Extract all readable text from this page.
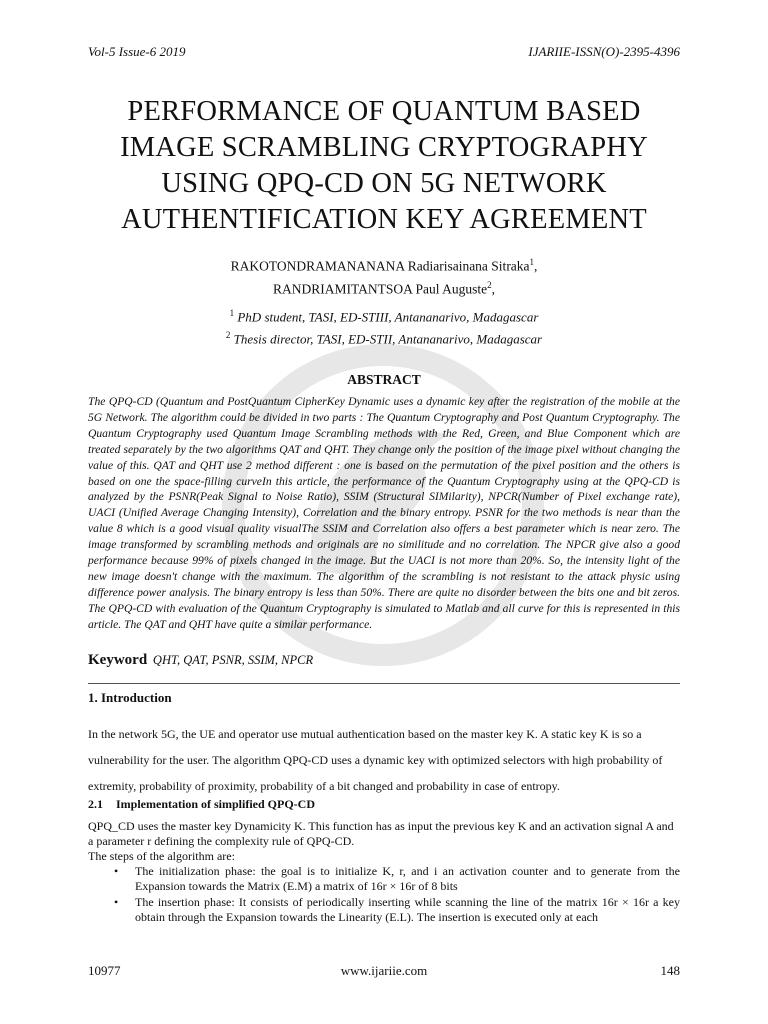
Vol-5 Issue-6 2019	IJARIIE-ISSN(O)-2395-4396
PERFORMANCE OF QUANTUM BASED
IMAGE SCRAMBLING CRYPTOGRAPHY
USING QPQ-CD ON 5G NETWORK
AUTHENTIFICATION KEY AGREEMENT
RAKOTONDRAMANANANA Radiarisainana Sitraka$^1$,
RANDRIAMITANTSOA Paul Auguste$^2$,
$^1$ PhD student, TASI, ED-STIII, Antananarivo, Madagascar
$^2$ Thesis director, TASI, ED-STII, Antananarivo, Madagascar
ABSTRACT

The QPQ-CD (Quantum and PostQuantum CipherKey Dynamic uses a dynamic key after the registration of the mobile at the 5G Network. The algorithm could be divided in two parts : The Quantum Cryptography and Post Quantum Cryptography. The Quantum Cryptography used Quantum Image Scrambling methods with the Red, Green, and Blue Component which are treated separately by the two algorithms QAT and QHT. They change only the position of the image pixel without changing the value of this. QAT and QHT use 2 method different : one is based on the permutation of the pixel position and the others is based on one the space-filling curveIn this article, the performance of the Quantum Cryptography using at the QPQ-CD is analyzed by the PSNR(Peak Signal to Noise Ratio), SSIM (Structural SIMilarity), NPCR(Number of Pixel exchange rate), UACI (Unified Average Changing Intensity), Correlation and the binary entropy. PSNR for the two methods is near than the value 8 which is a good visual quality visualThe SSIM and Correlation also offers a best parameter which is near zero. The image transformed by scrambling methods and originals are no similitude and no correlation. The NPCR give also a good performance because 99% of pixels changed in the image. But the UACI is not more than 20%. So, the intensity light of the new image doesn't change with the maximum. The algorithm of the scrambling is not resistant to the attack physic using difference power analysis. The binary entropy is less than 50%. There are quite no disorder between the bits one and bit zeros. The QPQ-CD with evaluation of the Quantum Cryptography is simulated to Matlab and all curve for this is represented in this article. The QAT and QHT have quite a similar performance.

Keyword QHT, QAT, PSNR, SSIM, NPCR
1. Introduction

In the network 5G, the UE and operator use mutual authentication based on the master key K. A static key K is so a vulnerability for the user. The algorithm QPQ-CD uses a dynamic key with optimized selectors with high probability of extremity, probability of proximity, probability of a bit changed and probability in case of entropy.

2.1 Implementation of simplified QPQ-CD

QPQ_CD uses the master key Dynamicity K. This function has as input the previous key K and an activation signal A and a parameter r defining the complexity rule of QPQ-CD.

The steps of the algorithm are:
• The initialization phase: the goal is to initialize K, r, and i an activation counter and to generate from the Expansion towards the Matrix (E.M) a matrix of 16r × 16r of 8 bits
• The insertion phase: It consists of periodically inserting while scanning the line of the matrix 16r × 16r a key obtain through the Expansion towards the Linearity (E.L). The insertion is executed only at each
10977	www.ijariie.com	148
